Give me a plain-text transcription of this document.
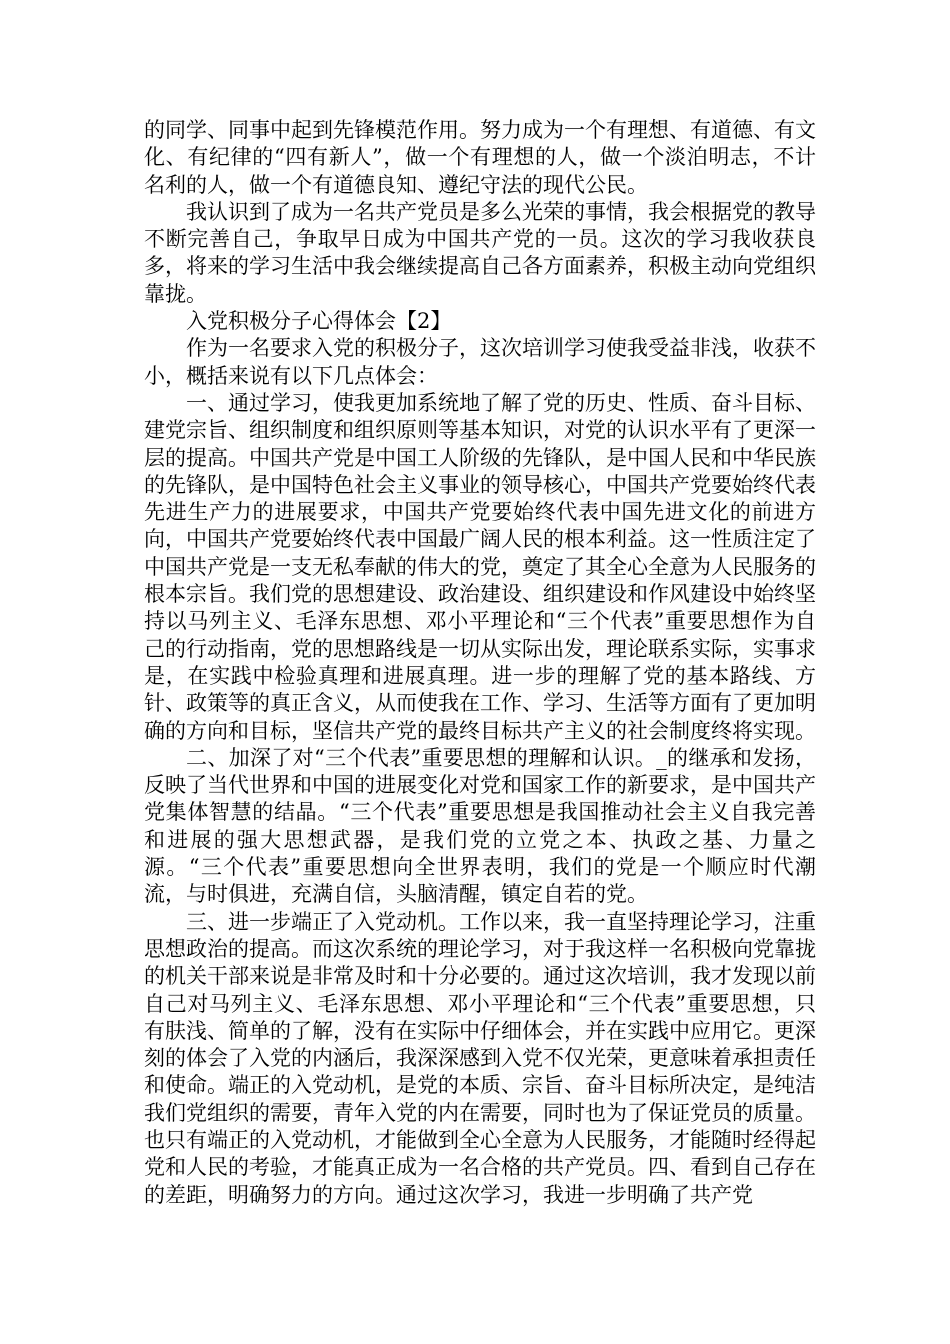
的同学、同事中起到先锋模范作用。努力成为一个有理想、有道德、有文化、有纪律的“四有新人”，做一个有理想的人，做一个淡泊明志，不计名利的人，做一个有道德良知、遵纪守法的现代公民。

我认识到了成为一名共产党员是多么光荣的事情，我会根据党的教导不断完善自己，争取早日成为中国共产党的一员。这次的学习我收获良多，将来的学习生活中我会继续提高自己各方面素养，积极主动向党组织靠拢。

入党积极分子心得体会【2】

作为一名要求入党的积极分子，这次培训学习使我受益非浅，收获不小，概括来说有以下几点体会：

一、通过学习，使我更加系统地了解了党的历史、性质、奋斗目标、建党宗旨、组织制度和组织原则等基本知识，对党的认识水平有了更深一层的提高。中国共产党是中国工人阶级的先锋队，是中国人民和中华民族的先锋队，是中国特色社会主义事业的领导核心，中国共产党要始终代表先进生产力的进展要求，中国共产党要始终代表中国先进文化的前进方向，中国共产党要始终代表中国最广阔人民的根本利益。这一性质注定了中国共产党是一支无私奉献的伟大的党，奠定了其全心全意为人民服务的根本宗旨。我们党的思想建设、政治建设、组织建设和作风建设中始终坚持以马列主义、毛泽东思想、邓小平理论和“三个代表”重要思想作为自己的行动指南，党的思想路线是一切从实际出发，理论联系实际，实事求是，在实践中检验真理和进展真理。进一步的理解了党的基本路线、方针、政策等的真正含义，从而使我在工作、学习、生活等方面有了更加明确的方向和目标，坚信共产党的最终目标共产主义的社会制度终将实现。

二、加深了对“三个代表”重要思想的理解和认识。_的继承和发扬，反映了当代世界和中国的进展变化对党和国家工作的新要求，是中国共产党集体智慧的结晶。“三个代表”重要思想是我国推动社会主义自我完善和进展的强大思想武器，是我们党的立党之本、执政之基、力量之源。“三个代表”重要思想向全世界表明，我们的党是一个顺应时代潮流，与时俱进，充满自信，头脑清醒，镇定自若的党。

三、进一步端正了入党动机。工作以来，我一直坚持理论学习，注重思想政治的提高。而这次系统的理论学习，对于我这样一名积极向党靠拢的机关干部来说是非常及时和十分必要的。通过这次培训，我才发现以前自己对马列主义、毛泽东思想、邓小平理论和“三个代表”重要思想，只有肤浅、简单的了解，没有在实际中仔细体会，并在实践中应用它。更深刻的体会了入党的内涵后，我深深感到入党不仅光荣，更意味着承担责任和使命。端正的入党动机，是党的本质、宗旨、奋斗目标所决定，是纯洁我们党组织的需要，青年入党的内在需要，同时也为了保证党员的质量。也只有端正的入党动机，才能做到全心全意为人民服务，才能随时经得起党和人民的考验，才能真正成为一名合格的共产党员。四、看到自己存在的差距，明确努力的方向。通过这次学习，我进一步明确了共产党
